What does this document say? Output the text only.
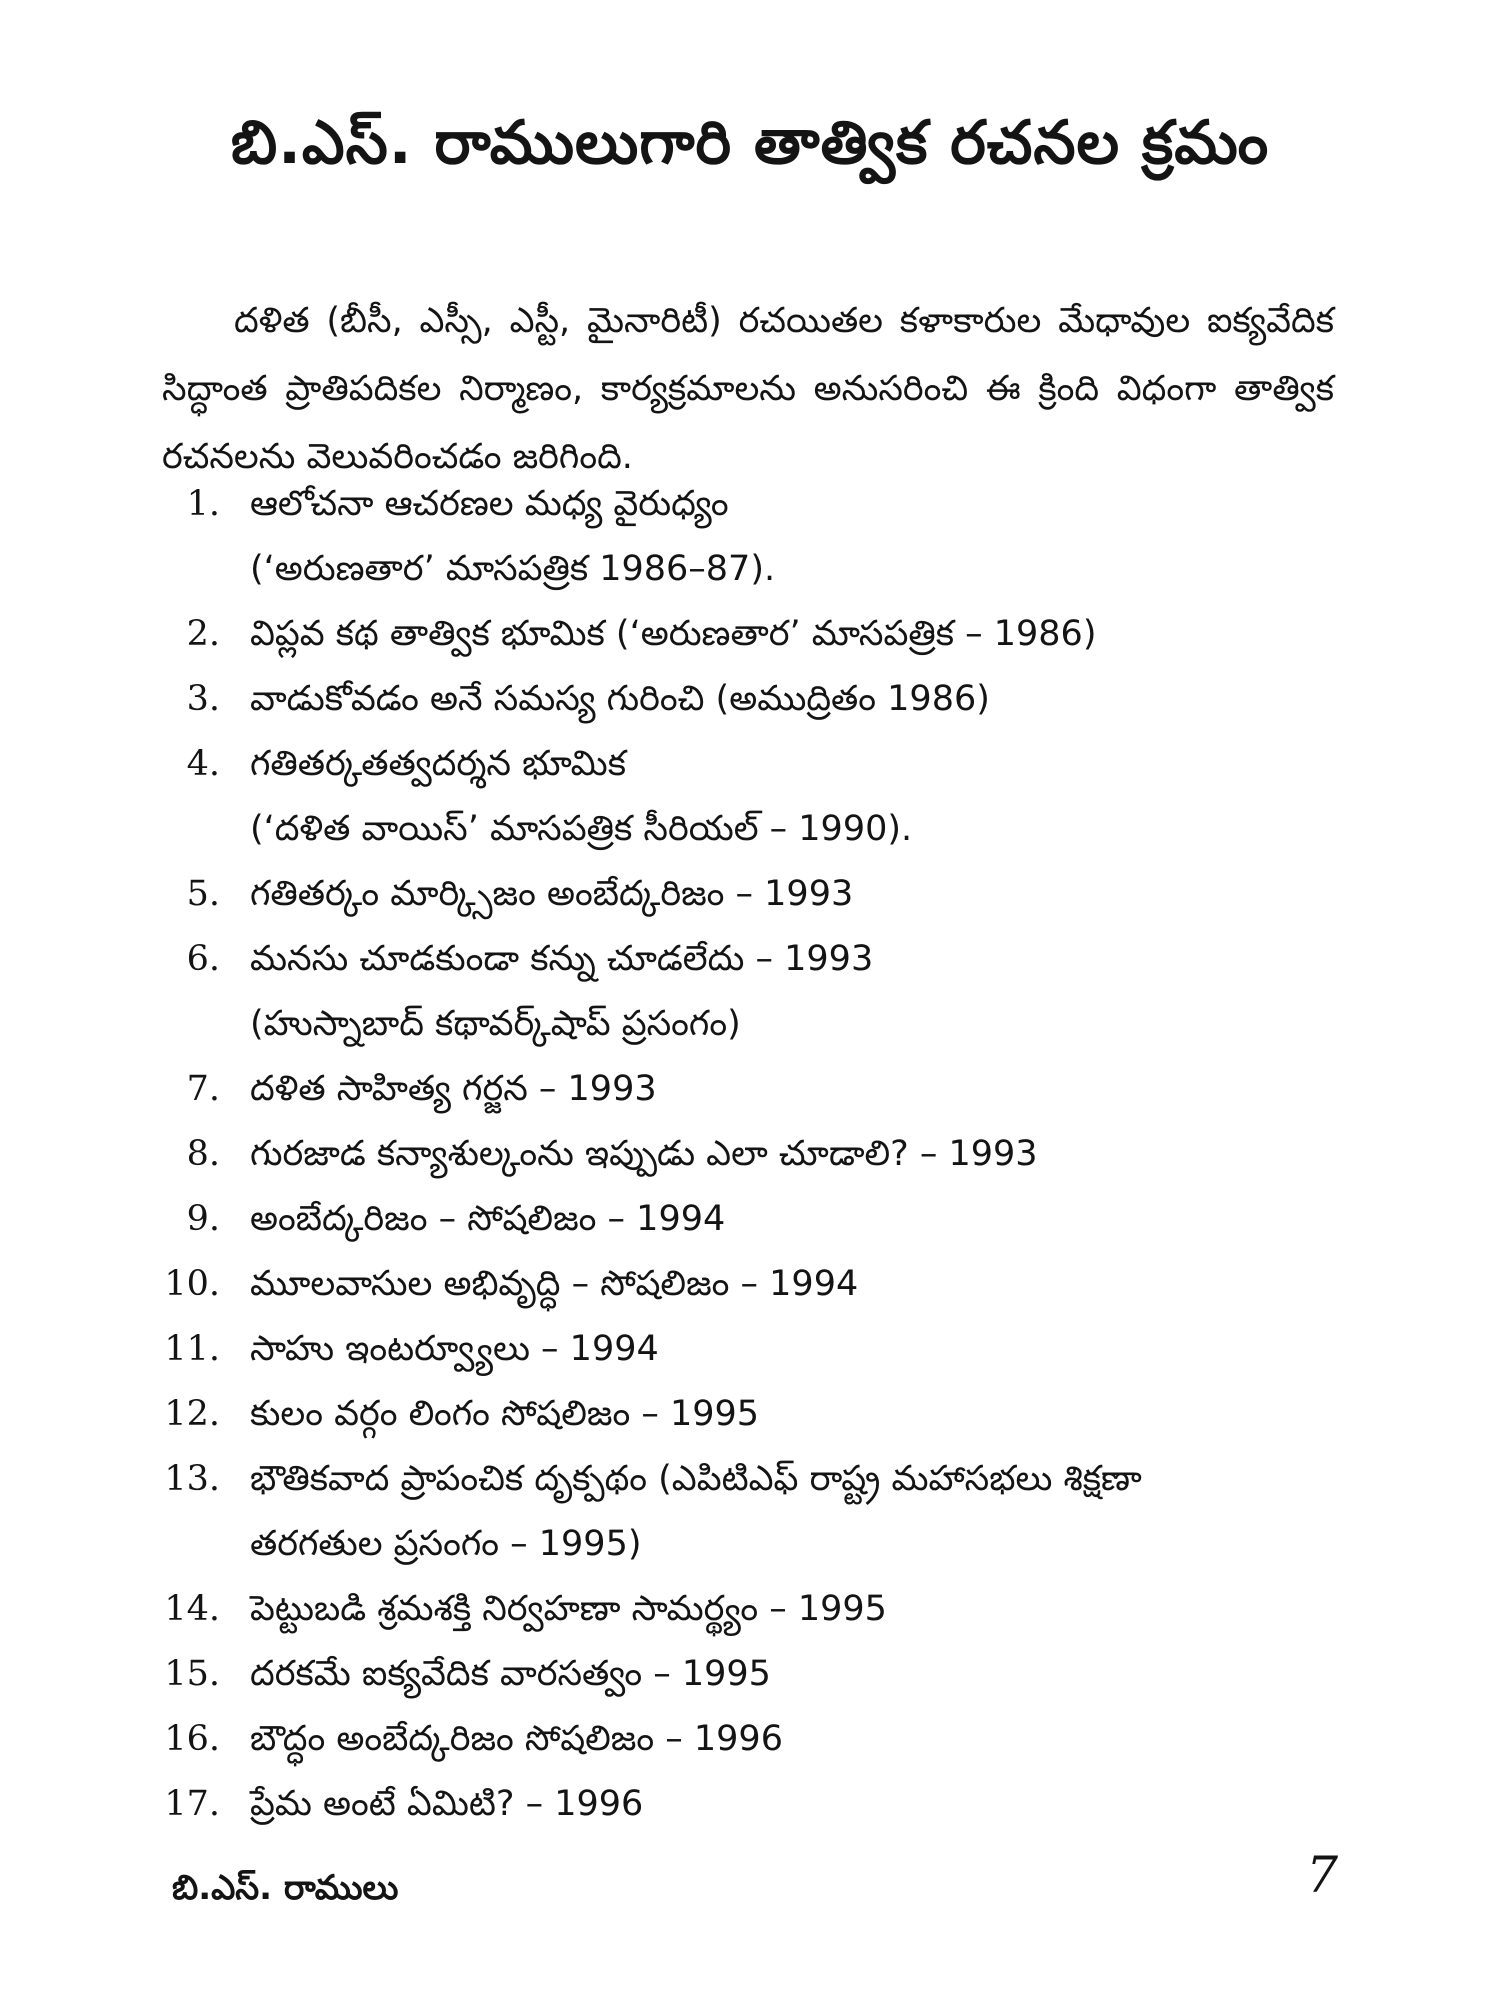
బి.ఎస్. రాములుగారి తాత్విక రచనల క్రమం

దళిత (బీసీ, ఎస్సీ, ఎస్టీ, మైనారిటీ) రచయితల కళాకారుల మేధావుల ఐక్యవేదిక సిద్ధాంత ప్రాతిపదికల నిర్మాణం, కార్యక్రమాలను అనుసరించి ఈ క్రింది విధంగా తాత్విక రచనలను వెలువరించడం జరిగింది.

1. ఆలోచనా ఆచరణల మధ్య వైరుధ్యం
(‘అరుణతార’ మాసపత్రిక 1986–87).
2. విప్లవ కథ తాత్విక భూమిక (‘అరుణతార’ మాసపత్రిక – 1986)
3. వాడుకోవడం అనే సమస్య గురించి (అముద్రితం 1986)
4. గతితర్కతత్వదర్శన భూమిక
(‘దళిత వాయిస్’ మాసపత్రిక సీరియల్ – 1990).
5. గతితర్కం మార్క్సిజం అంబేద్కరిజం – 1993
6. మనసు చూడకుండా కన్ను చూడలేదు – 1993
(హుస్నాబాద్ కథావర్క్‌షాప్ ప్రసంగం)
7. దళిత సాహిత్య గర్జన – 1993
8. గురజాడ కన్యాశుల్కంను ఇప్పుడు ఎలా చూడాలి? – 1993
9. అంబేద్కరిజం – సోషలిజం – 1994
10. మూలవాసుల అభివృద్ధి – సోషలిజం – 1994
11. సాహు ఇంటర్వ్యూలు – 1994
12. కులం వర్గం లింగం సోషలిజం – 1995
13. భౌతికవాద ప్రాపంచిక దృక్పథం (ఎపిటిఎఫ్ రాష్ట్ర మహాసభలు శిక్షణా
తరగతుల ప్రసంగం – 1995)
14. పెట్టుబడి శ్రమశక్తి నిర్వహణా సామర్థ్యం – 1995
15. దరకమే ఐక్యవేదిక వారసత్వం – 1995
16. బౌద్ధం అంబేద్కరిజం సోషలిజం – 1996
17. ప్రేమ అంటే ఏమిటి? – 1996
బి.ఎస్. రాములు	7
